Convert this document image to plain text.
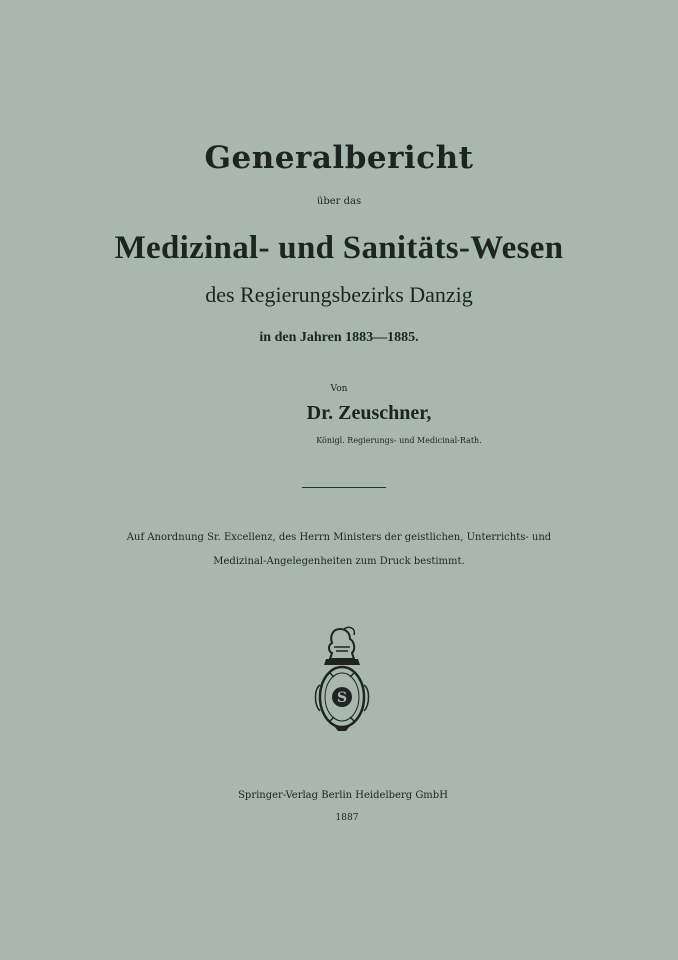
Generalbericht
über das
Medizinal- und Sanitäts-Wesen
des Regierungsbezirks Danzig
in den Jahren 1883—1885.
Von
Dr. Zeuschner,
Königl. Regierungs- und Medicinal-Rath.
Auf Anordnung Sr. Excellenz, des Herrn Ministers der geistlichen, Unterrichts- und
Medizinal-Angelegenheiten zum Druck bestimmt.
S
Springer-Verlag Berlin Heidelberg GmbH
1887
